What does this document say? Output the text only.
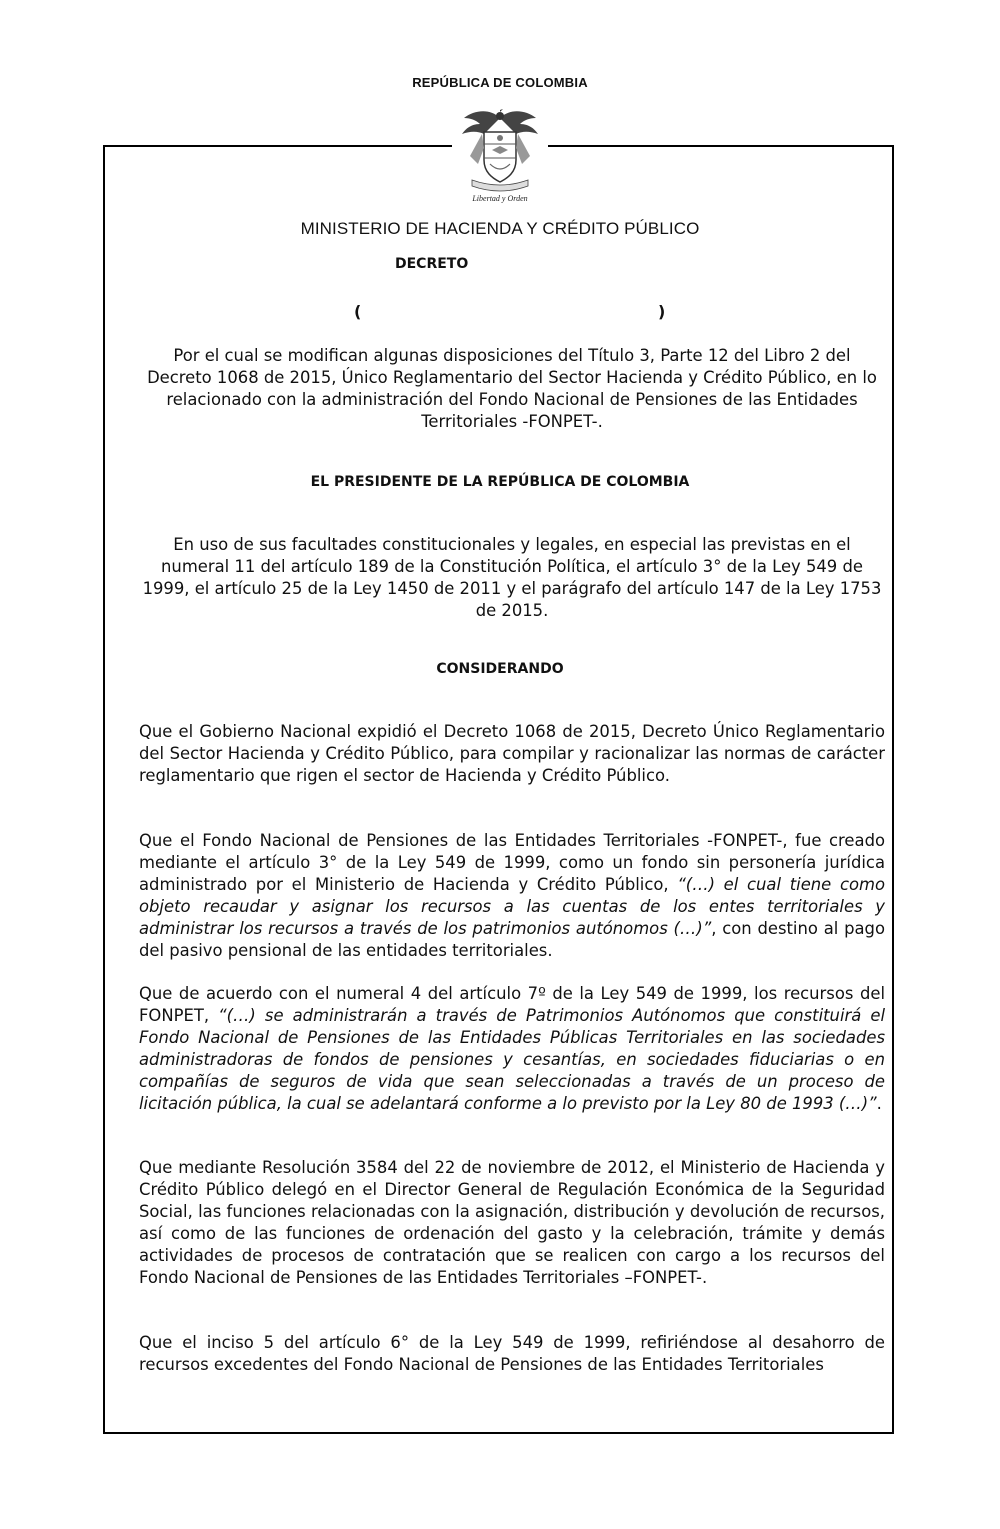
REPÚBLICA DE COLOMBIA
Libertad y Orden
MINISTERIO DE HACIENDA Y CRÉDITO PÚBLICO
DECRETO
(	)
Por el cual se modifican algunas disposiciones del Título 3, Parte 12 del Libro 2 del Decreto 1068 de 2015, Único Reglamentario del Sector Hacienda y Crédito Público, en lo relacionado con la administración del Fondo Nacional de Pensiones de las Entidades Territoriales -FONPET-.
EL PRESIDENTE DE LA REPÚBLICA DE COLOMBIA
En uso de sus facultades constitucionales y legales, en especial las previstas en el numeral 11 del artículo 189 de la Constitución Política, el artículo 3° de la Ley 549 de 1999, el artículo 25 de la Ley 1450 de 2011 y el parágrafo del artículo 147 de la Ley 1753 de 2015.
CONSIDERANDO
Que el Gobierno Nacional expidió el Decreto 1068 de 2015, Decreto Único Reglamentario del Sector Hacienda y Crédito Público, para compilar y racionalizar las normas de carácter reglamentario que rigen el sector de Hacienda y Crédito Público.
Que el Fondo Nacional de Pensiones de las Entidades Territoriales -FONPET-, fue creado mediante el artículo 3° de la Ley 549 de 1999, como un fondo sin personería jurídica administrado por el Ministerio de Hacienda y Crédito Público, “(…) el cual tiene como objeto recaudar y asignar los recursos a las cuentas de los entes territoriales y administrar los recursos a través de los patrimonios autónomos (…)”, con destino al pago del pasivo pensional de las entidades territoriales.
Que de acuerdo con el numeral 4 del artículo 7º de la Ley 549 de 1999, los recursos del FONPET, “(…) se administrarán a través de Patrimonios Autónomos que constituirá el Fondo Nacional de Pensiones de las Entidades Públicas Territoriales en las sociedades administradoras de fondos de pensiones y cesantías, en sociedades fiduciarias o en compañías de seguros de vida que sean seleccionadas a través de un proceso de licitación pública, la cual se adelantará conforme a lo previsto por la Ley 80 de 1993 (…)”.
Que mediante Resolución 3584 del 22 de noviembre de 2012, el Ministerio de Hacienda y Crédito Público delegó en el Director General de Regulación Económica de la Seguridad Social, las funciones relacionadas con la asignación, distribución y devolución de recursos, así como de las funciones de ordenación del gasto y la celebración, trámite y demás actividades de procesos de contratación que se realicen con cargo a los recursos del Fondo Nacional de Pensiones de las Entidades Territoriales –FONPET-.
Que el inciso 5 del artículo 6° de la Ley 549 de 1999, refiriéndose al desahorro de recursos excedentes del Fondo Nacional de Pensiones de las Entidades Territoriales
